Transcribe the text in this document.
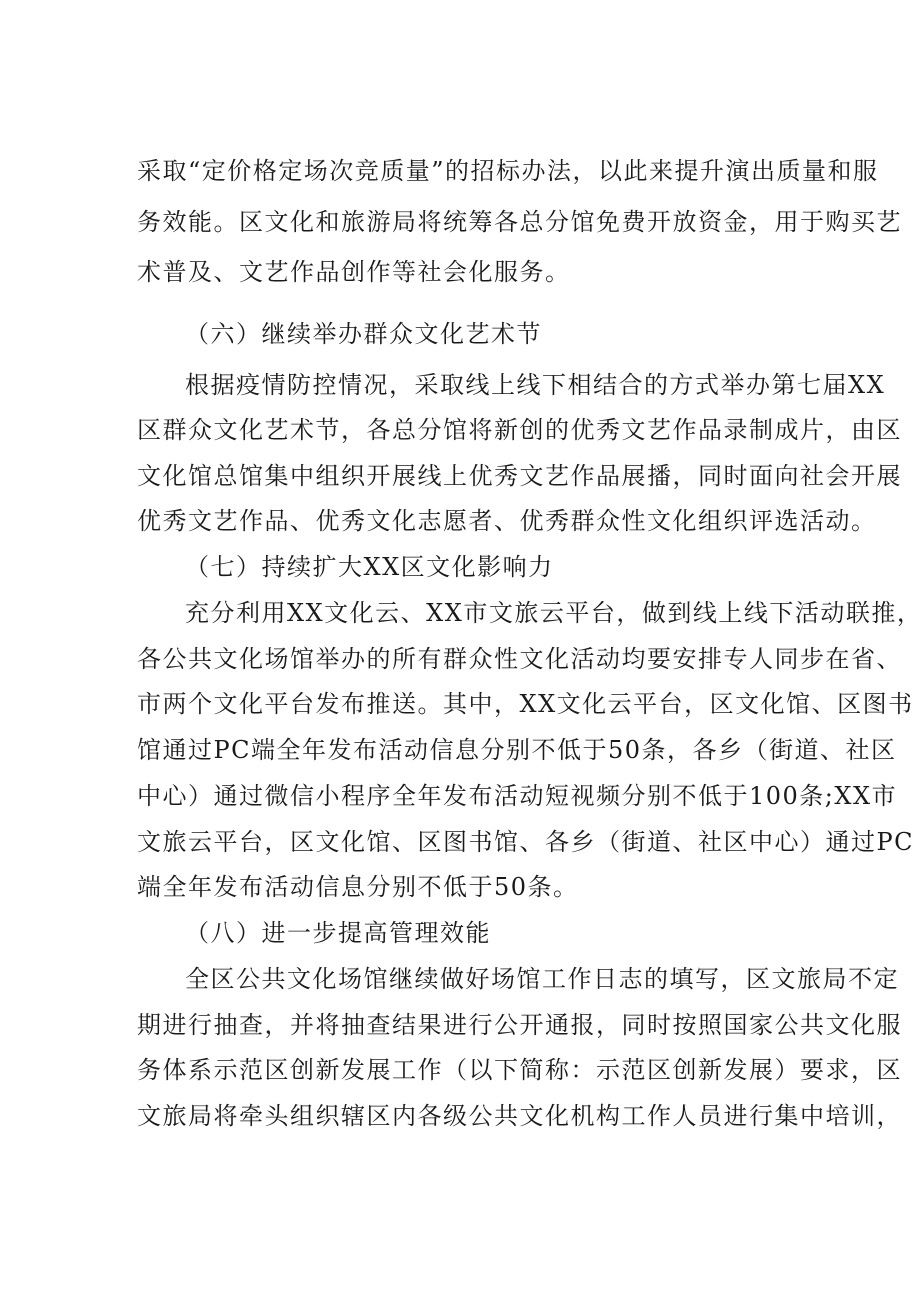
采取“定价格定场次竞质量”的招标办法，以此来提升演出质量和服
务效能。区文化和旅游局将统筹各总分馆免费开放资金，用于购买艺
术普及、文艺作品创作等社会化服务。
（六）继续举办群众文化艺术节
根据疫情防控情况，采取线上线下相结合的方式举办第七届XX
区群众文化艺术节，各总分馆将新创的优秀文艺作品录制成片，由区
文化馆总馆集中组织开展线上优秀文艺作品展播，同时面向社会开展
优秀文艺作品、优秀文化志愿者、优秀群众性文化组织评选活动。
（七）持续扩大XX区文化影响力
充分利用XX文化云、XX市文旅云平台，做到线上线下活动联推，
各公共文化场馆举办的所有群众性文化活动均要安排专人同步在省、
市两个文化平台发布推送。其中，XX文化云平台，区文化馆、区图书
馆通过PC端全年发布活动信息分别不低于50条，各乡（街道、社区
中心）通过微信小程序全年发布活动短视频分别不低于100条;XX市
文旅云平台，区文化馆、区图书馆、各乡（街道、社区中心）通过PC
端全年发布活动信息分别不低于50条。
（八）进一步提高管理效能
全区公共文化场馆继续做好场馆工作日志的填写，区文旅局不定
期进行抽查，并将抽查结果进行公开通报，同时按照国家公共文化服
务体系示范区创新发展工作（以下简称：示范区创新发展）要求，区
文旅局将牵头组织辖区内各级公共文化机构工作人员进行集中培训，
